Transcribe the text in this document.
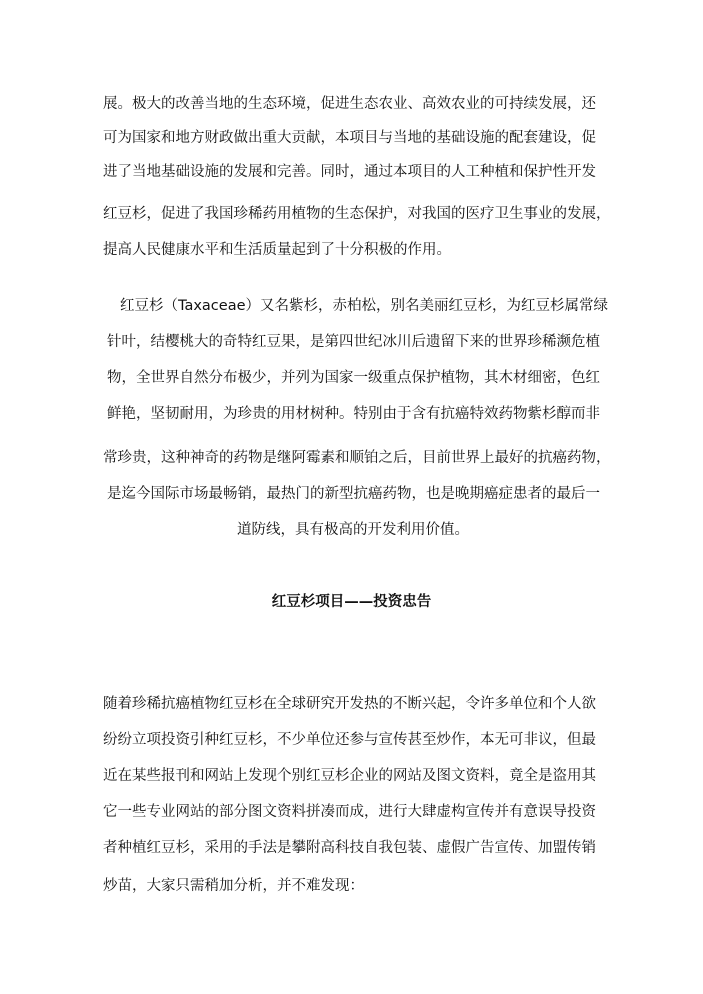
展。极大的改善当地的生态环境，促进生态农业、高效农业的可持续发展，还

可为国家和地方财政做出重大贡献，本项目与当地的基础设施的配套建设，促

进了当地基础设施的发展和完善。同时，通过本项目的人工种植和保护性开发

红豆杉，促进了我国珍稀药用植物的生态保护，对我国的医疗卫生事业的发展，

提高人民健康水平和生活质量起到了十分积极的作用。

红豆杉（Taxaceae）又名紫杉，赤柏松，别名美丽红豆杉，为红豆杉属常绿

针叶，结樱桃大的奇特红豆果，是第四世纪冰川后遗留下来的世界珍稀濒危植

物，全世界自然分布极少，并列为国家一级重点保护植物，其木材细密，色红

鲜艳，坚韧耐用，为珍贵的用材树种。特别由于含有抗癌特效药物紫杉醇而非

常珍贵，这种神奇的药物是继阿霉素和顺铂之后，目前世界上最好的抗癌药物，

是迄今国际市场最畅销，最热门的新型抗癌药物，也是晚期癌症患者的最后一

道防线，具有极高的开发利用价值。

红豆杉项目——投资忠告

随着珍稀抗癌植物红豆杉在全球研究开发热的不断兴起，令许多单位和个人欲

纷纷立项投资引种红豆杉，不少单位还参与宣传甚至炒作，本无可非议，但最

近在某些报刊和网站上发现个别红豆杉企业的网站及图文资料，竟全是盗用其

它一些专业网站的部分图文资料拼凑而成，进行大肆虚构宣传并有意误导投资

者种植红豆杉，采用的手法是攀附高科技自我包装、虚假广告宣传、加盟传销

炒苗，大家只需稍加分析，并不难发现：
